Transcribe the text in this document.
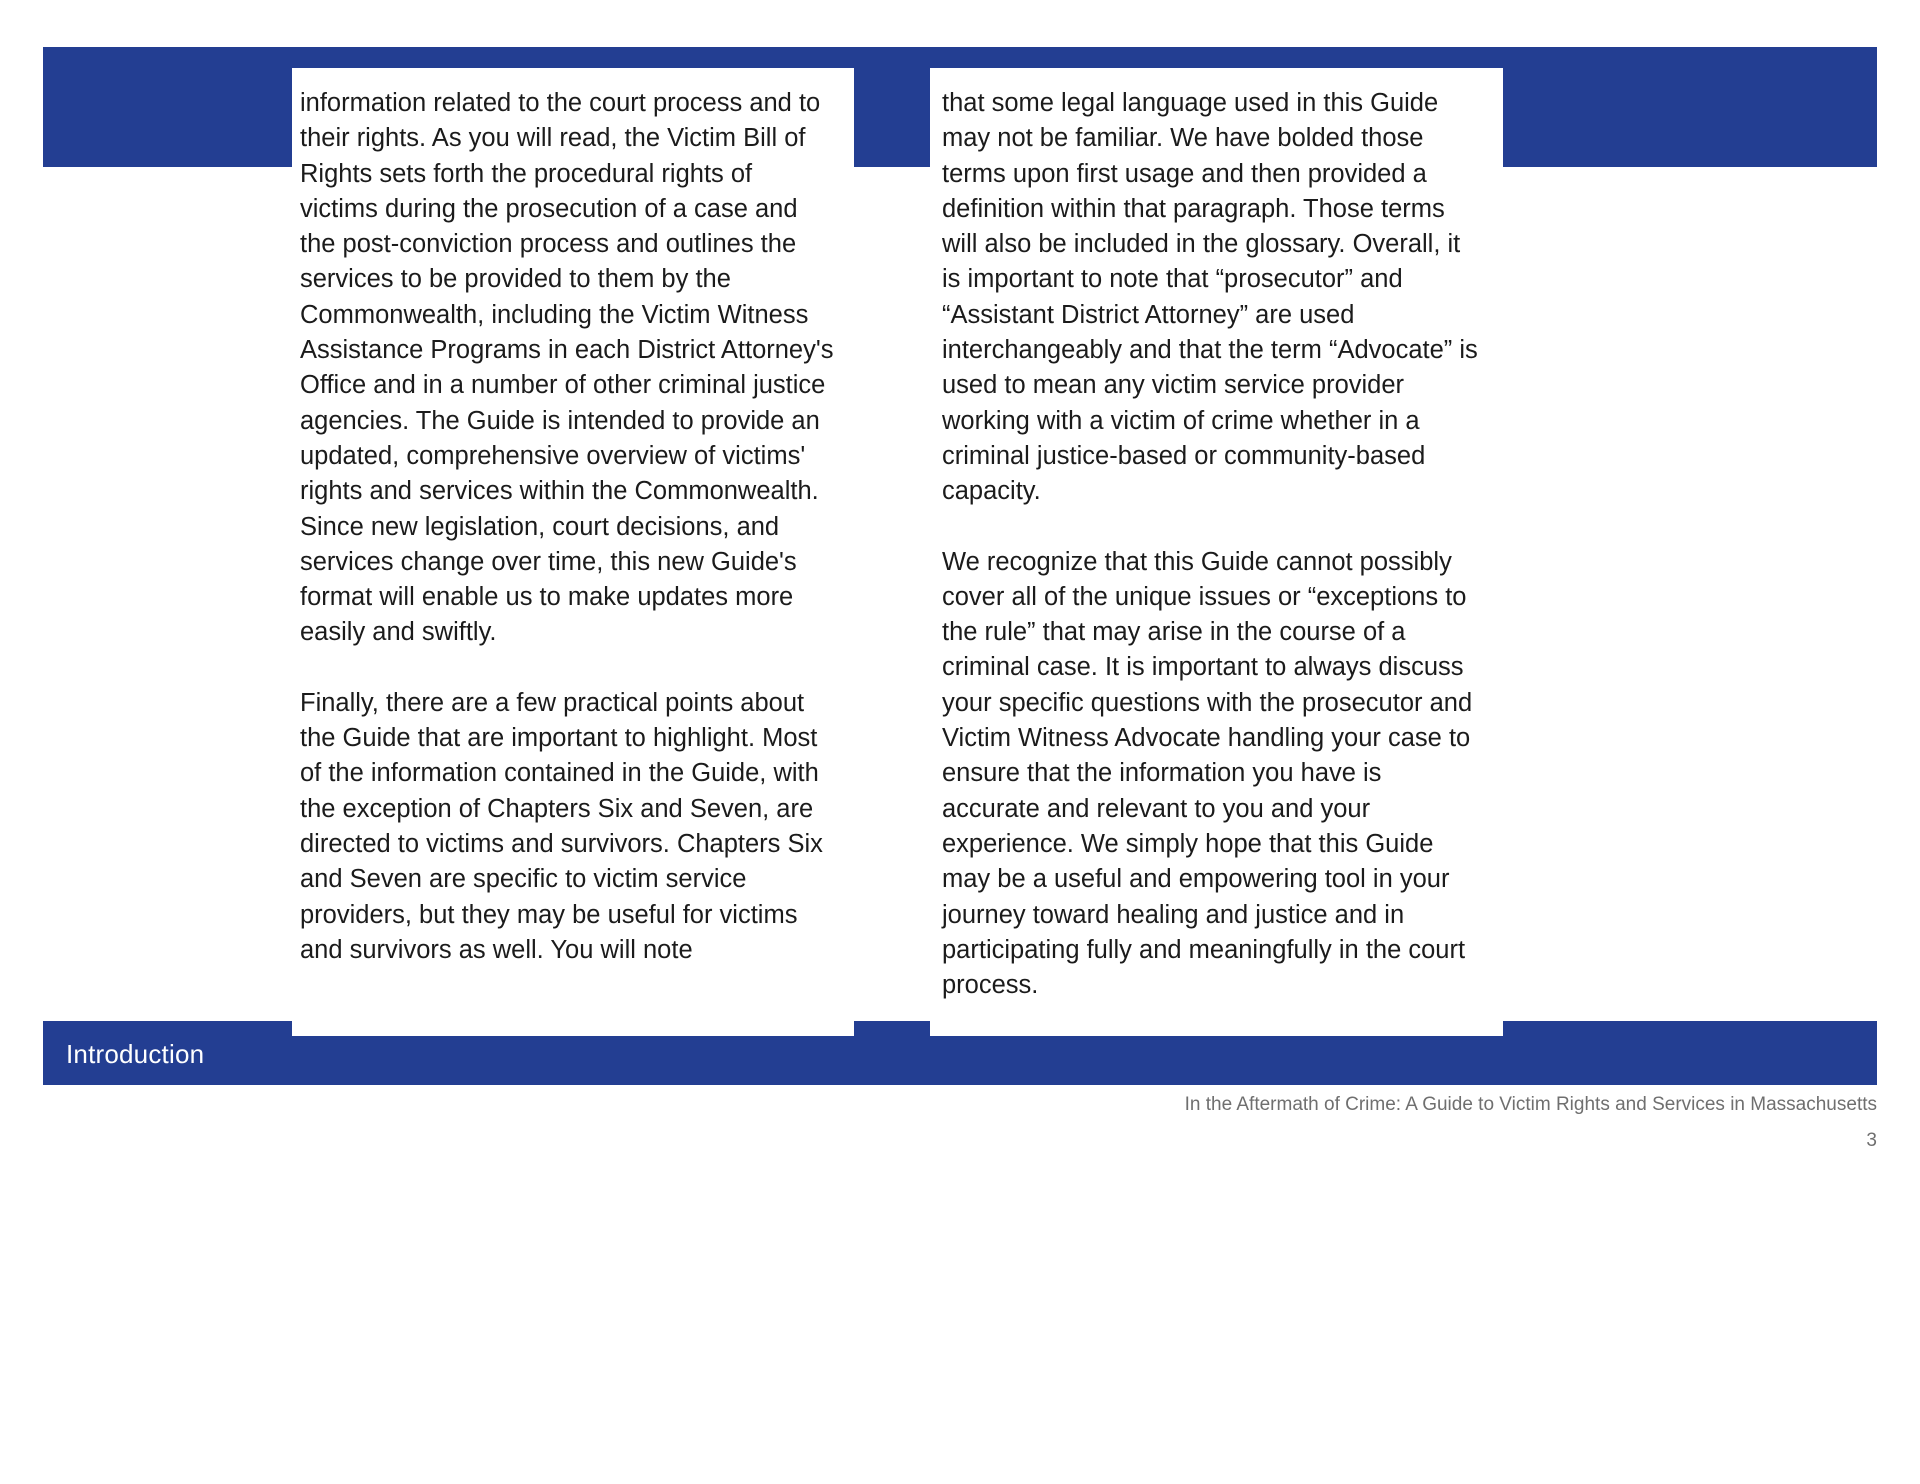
Introduction
information related to the court process and to their rights. As you will read, the Victim Bill of Rights sets forth the procedural rights of victims during the prosecution of a case and the post-conviction process and outlines the services to be provided to them by the Commonwealth, including the Victim Witness Assistance Programs in each District Attorney's Office and in a number of other criminal justice agencies. The Guide is intended to provide an updated, comprehensive overview of victims' rights and services within the Commonwealth. Since new legislation, court decisions, and services change over time, this new Guide's format will enable us to make updates more easily and swiftly.
Finally, there are a few practical points about the Guide that are important to highlight. Most of the information contained in the Guide, with the exception of Chapters Six and Seven, are directed to victims and survivors. Chapters Six and Seven are specific to victim service providers, but they may be useful for victims and survivors as well. You will note
that some legal language used in this Guide may not be familiar. We have bolded those terms upon first usage and then provided a definition within that paragraph. Those terms will also be included in the glossary. Overall, it is important to note that “prosecutor” and “Assistant District Attorney” are used interchangeably and that the term “Advocate” is used to mean any victim service provider working with a victim of crime whether in a criminal justice-based or community-based capacity.
We recognize that this Guide cannot possibly cover all of the unique issues or “exceptions to the rule” that may arise in the course of a criminal case. It is important to always discuss your specific questions with the prosecutor and Victim Witness Advocate handling your case to ensure that the information you have is accurate and relevant to you and your experience. We simply hope that this Guide may be a useful and empowering tool in your journey toward healing and justice and in participating fully and meaningfully in the court process.
In the Aftermath of Crime: A Guide to Victim Rights and Services in Massachusetts
3
